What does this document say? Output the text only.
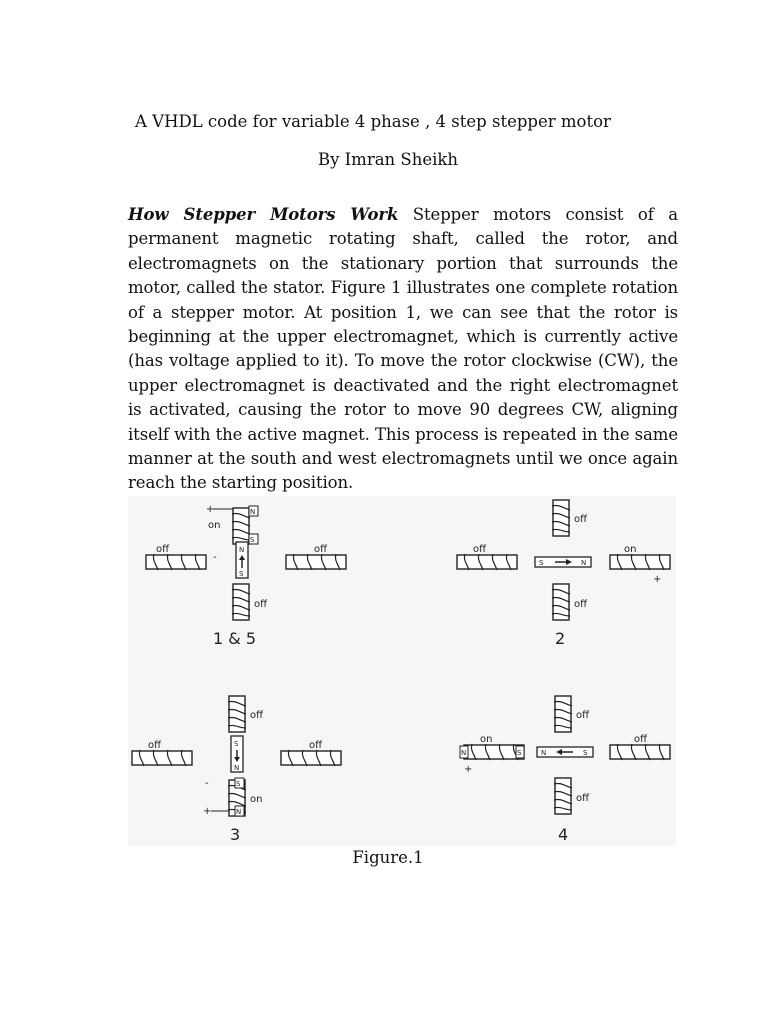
A VHDL code for variable 4 phase , 4 step stepper motor
By Imran Sheikh
How Stepper Motors Work Stepper motors consist of a permanent magnetic rotating shaft, called the rotor, and electromagnets on the stationary portion that surrounds the motor, called the stator. Figure 1 illustrates one complete rotation of a stepper motor. At position 1, we can see that the rotor is beginning at the upper electromagnet, which is currently active (has voltage applied to it). To move the rotor clockwise (CW), the upper electromagnet is deactivated and the right electromagnet is activated, causing the rotor to move 90 degrees CW, aligning itself with the active magnet. This process is repeated in the same manner at the south and west electromagnets until we once again reach the starting position.
+	N
S
on
-
off	N
S
off
off
1 & 5
off
off
S	N
on
+
off
2
off
off	S
N
off
S
N
on
-
+
3
off
on
N	S
+
N	S
off
off
4
Figure.1
